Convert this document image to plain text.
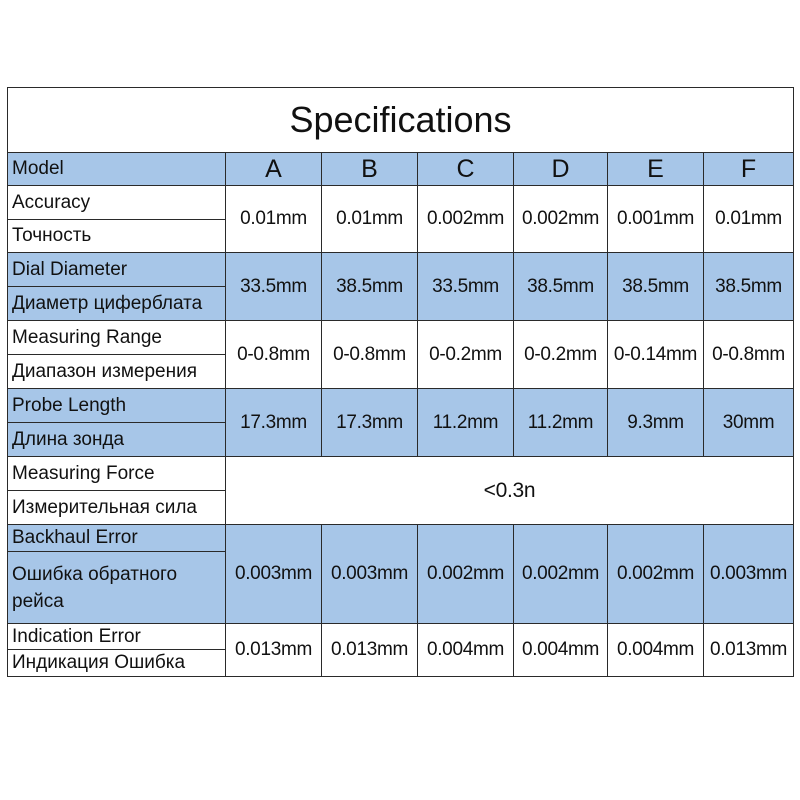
Specifications						
Model	A	B	C	D	E	F
Accuracy	0.01mm	0.01mm	0.002mm	0.002mm	0.001mm	0.01mm
Точность						
Dial Diameter	33.5mm	38.5mm	33.5mm	38.5mm	38.5mm	38.5mm
Диаметр циферблата						
Measuring Range	0-0.8mm	0-0.8mm	0-0.2mm	0-0.2mm	0-0.14mm	0-0.8mm
Диапазон измерения						
Probe Length	17.3mm	17.3mm	11.2mm	11.2mm	9.3mm	30mm
Длина зонда						
Measuring Force	<0.3n					
Измерительная сила						
Backhaul Error	0.003mm	0.003mm	0.002mm	0.002mm	0.002mm	0.003mm
Ошибка обратного рейса						
Indication Error	0.013mm	0.013mm	0.004mm	0.004mm	0.004mm	0.013mm
Индикация Ошибка						
